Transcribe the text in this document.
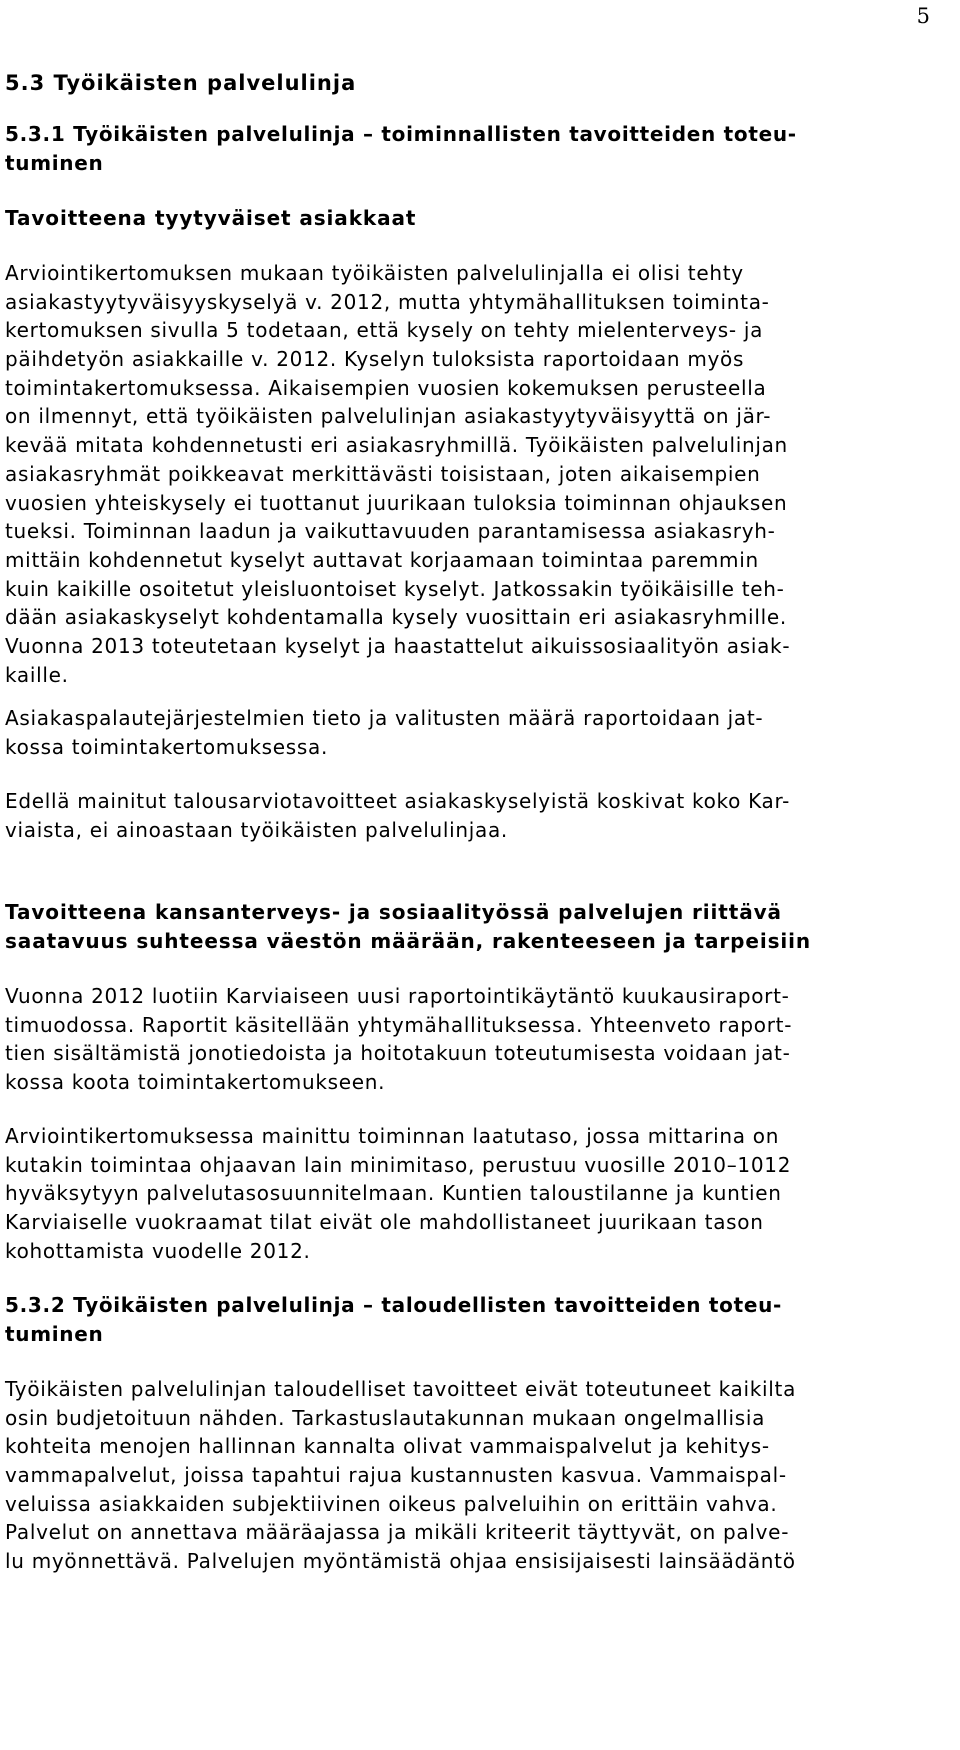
5
5.3 Työikäisten palvelulinja
5.3.1 Työikäisten palvelulinja – toiminnallisten tavoitteiden toteu-
tuminen
Tavoitteena tyytyväiset asiakkaat
Arviointikertomuksen mukaan työikäisten palvelulinjalla ei olisi tehty
asiakastyytyväisyyskyselyä v. 2012, mutta yhtymähallituksen toiminta-
kertomuksen sivulla 5 todetaan, että kysely on tehty mielenterveys- ja
päihdetyön asiakkaille v. 2012. Kyselyn tuloksista raportoidaan myös
toimintakertomuksessa. Aikaisempien vuosien kokemuksen perusteella
on ilmennyt, että työikäisten palvelulinjan asiakastyytyväisyyttä on jär-
kevää mitata kohdennetusti eri asiakasryhmillä. Työikäisten palvelulinjan
asiakasryhmät poikkeavat merkittävästi toisistaan, joten aikaisempien
vuosien yhteiskysely ei tuottanut juurikaan tuloksia toiminnan ohjauksen
tueksi. Toiminnan laadun ja vaikuttavuuden parantamisessa asiakasryh-
mittäin kohdennetut kyselyt auttavat korjaamaan toimintaa paremmin
kuin kaikille osoitetut yleisluontoiset kyselyt. Jatkossakin työikäisille teh-
dään asiakaskyselyt kohdentamalla kysely vuosittain eri asiakasryhmille.
Vuonna 2013 toteutetaan kyselyt ja haastattelut aikuissosiaalityön asiak-
kaille.
Asiakaspalautejärjestelmien tieto ja valitusten määrä raportoidaan jat-
kossa toimintakertomuksessa.
Edellä mainitut talousarviotavoitteet asiakaskyselyistä koskivat koko Kar-
viaista, ei ainoastaan työikäisten palvelulinjaa.
Tavoitteena kansanterveys- ja sosiaalityössä palvelujen riittävä
saatavuus suhteessa väestön määrään, rakenteeseen ja tarpeisiin
Vuonna 2012 luotiin Karviaiseen uusi raportointikäytäntö kuukausiraport-
timuodossa. Raportit käsitellään yhtymähallituksessa. Yhteenveto raport-
tien sisältämistä jonotiedoista ja hoitotakuun toteutumisesta voidaan jat-
kossa koota toimintakertomukseen.
Arviointikertomuksessa mainittu toiminnan laatutaso, jossa mittarina on
kutakin toimintaa ohjaavan lain minimitaso, perustuu vuosille 2010–1012
hyväksytyyn palvelutasosuunnitelmaan. Kuntien taloustilanne ja kuntien
Karviaiselle vuokraamat tilat eivät ole mahdollistaneet juurikaan tason
kohottamista vuodelle 2012.
5.3.2 Työikäisten palvelulinja – taloudellisten tavoitteiden toteu-
tuminen
Työikäisten palvelulinjan taloudelliset tavoitteet eivät toteutuneet kaikilta
osin budjetoituun nähden. Tarkastuslautakunnan mukaan ongelmallisia
kohteita menojen hallinnan kannalta olivat vammaispalvelut ja kehitys-
vammapalvelut, joissa tapahtui rajua kustannusten kasvua. Vammaispal-
veluissa asiakkaiden subjektiivinen oikeus palveluihin on erittäin vahva.
Palvelut on annettava määräajassa ja mikäli kriteerit täyttyvät, on palve-
lu myönnettävä. Palvelujen myöntämistä ohjaa ensisijaisesti lainsäädäntö
